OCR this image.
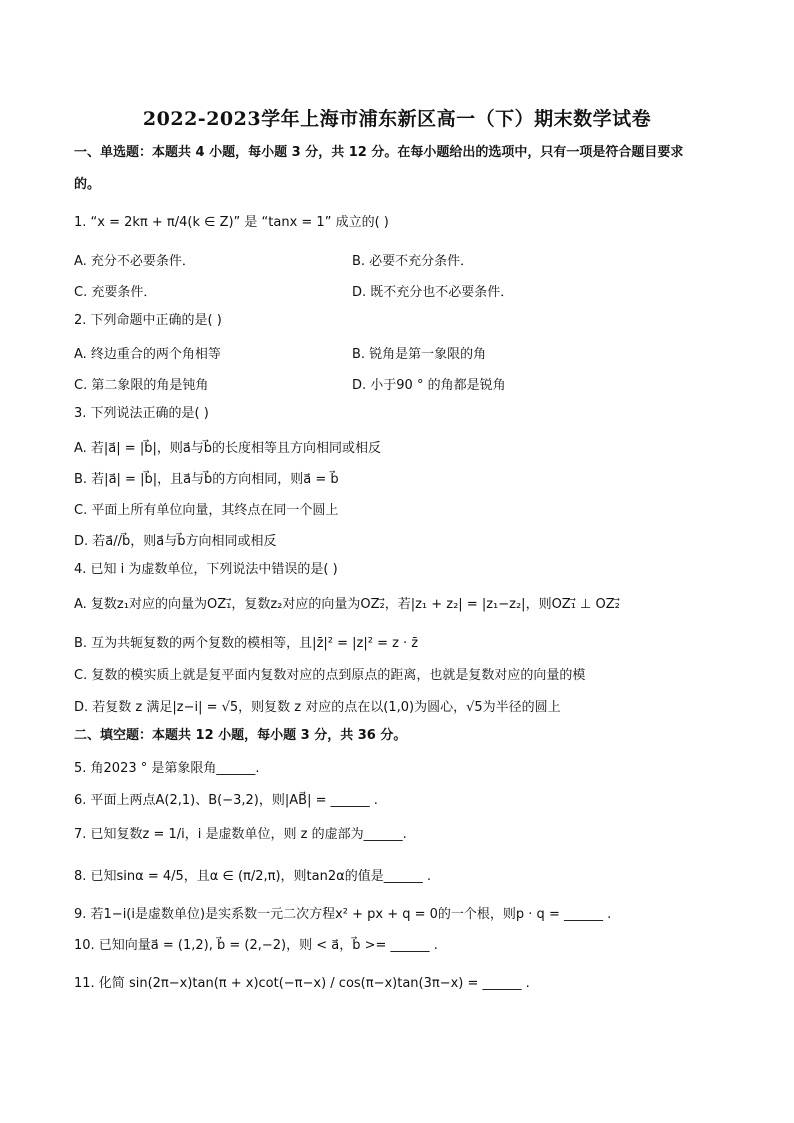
2022-2023学年上海市浦东新区高一（下）期末数学试卷
一、单选题：本题共 4 小题，每小题 3 分，共 12 分。在每小题给出的选项中，只有一项是符合题目要求
的。
1. “x = 2kπ + π/4(k ∈ Z)” 是 “tanx = 1” 成立的( )
A. 充分不必要条件．	B. 必要不充分条件．
C. 充要条件．	D. 既不充分也不必要条件．
2. 下列命题中正确的是( )
A. 终边重合的两个角相等	B. 锐角是第一象限的角
C. 第二象限的角是钝角	D. 小于90 ° 的角都是锐角
3. 下列说法正确的是( )
A. 若|a⃗| = |b⃗|，则a⃗与b⃗的长度相等且方向相同或相反
B. 若|a⃗| = |b⃗|，且a⃗与b⃗的方向相同，则a⃗ = b⃗
C. 平面上所有单位向量，其终点在同一个圆上
D. 若a⃗//b⃗，则a⃗与b⃗方向相同或相反
4. 已知 i 为虚数单位，下列说法中错误的是( )
A. 复数z₁对应的向量为OZ₁⃗，复数z₂对应的向量为OZ₂⃗，若|z₁ + z₂| = |z₁−z₂|，则OZ₁⃗ ⊥ OZ₂⃗
B. 互为共轭复数的两个复数的模相等，且|z̄|² = |z|² = z · z̄
C. 复数的模实质上就是复平面内复数对应的点到原点的距离，也就是复数对应的向量的模
D. 若复数 z 满足|z−i| = √5，则复数 z 对应的点在以(1,0)为圆心，√5为半径的圆上
二、填空题：本题共 12 小题，每小题 3 分，共 36 分。
5. 角2023 ° 是第象限角______.
6. 平面上两点A(2,1)、B(−3,2)，则|AB⃗| = ______ .
7. 已知复数z = 1/i，i 是虚数单位，则 z 的虚部为______.
8. 已知sinα = 4/5，且α ∈ (π/2,π)，则tan2α的值是______ .
9. 若1−i(i是虚数单位)是实系数一元二次方程x² + px + q = 0的一个根，则p · q = ______ .
10. 已知向量a⃗ = (1,2), b⃗ = (2,−2)，则 < a⃗，b⃗ >= ______ .
11. 化简 sin(2π−x)tan(π + x)cot(−π−x) / cos(π−x)tan(3π−x) = ______ .
